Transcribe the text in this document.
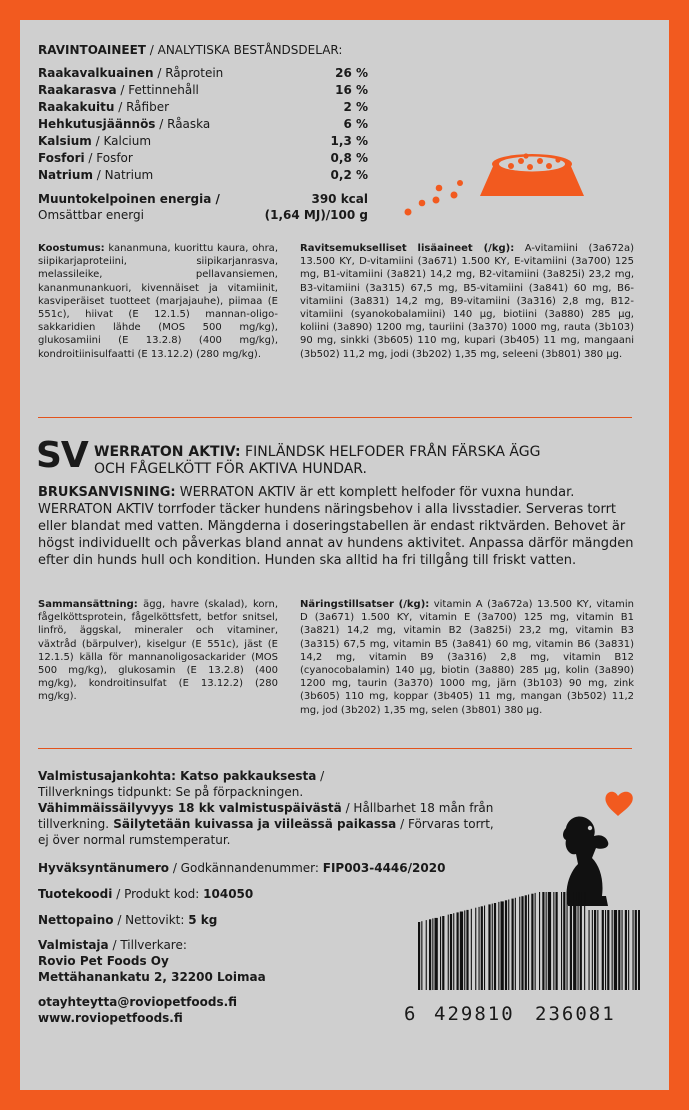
RAVINTOAINEET / ANALYTISKA BESTÅNDSDELAR:
Raakavalkuainen / Råprotein	26 %
Raakarasva / Fettinnehåll	16 %
Raakakuitu / Råfiber	2 %
Hehkutusjäännös / Råaska	6 %
Kalsium / Kalcium	1,3 %
Fosfori / Fosfor	0,8 %
Natrium / Natrium	0,2 %
Muuntokelpoinen energia /	390 kcal
Omsättbar energi	(1,64 MJ)/100 g
Koostumus: kananmuna, kuorittu kaura, ohra, siipikarjaproteiini, siipikarjanrasva, melassileike, pellavansiemen, kananmunankuori, kivennäiset ja vitamiinit, kasviperäiset tuotteet (marjajauhe), piimaa (E 551c), hiivat (E 12.1.5) mannan-oligo-sakkaridien lähde (MOS 500 mg/kg), glukosamiini (E 13.2.8) (400 mg/kg), kondroitiinisulfaatti (E 13.12.2) (280 mg/kg).
Ravitsemukselliset lisäaineet (/kg): A-vitamiini (3a672a) 13.500 KY, D-vitamiini (3a671) 1.500 KY, E-vitamiini (3a700) 125 mg, B1-vitamiini (3a821) 14,2 mg, B2-vitamiini (3a825i) 23,2 mg, B3-vitamiini (3a315) 67,5 mg, B5-vitamiini (3a841) 60 mg, B6-vitamiini (3a831) 14,2 mg, B9-vitamiini (3a316) 2,8 mg, B12-vitamiini (syanokobalamiini) 140 µg, biotiini (3a880) 285 µg, koliini (3a890) 1200 mg, tauriini (3a370) 1000 mg, rauta (3b103) 90 mg, sinkki (3b605) 110 mg, kupari (3b405) 11 mg, mangaani (3b502) 11,2 mg, jodi (3b202) 1,35 mg, seleeni (3b801) 380 µg.
SV WERRATON AKTIV: FINLÄNDSK HELFODER FRÅN FÄRSKA ÄGG
OCH FÅGELKÖTT FÖR AKTIVA HUNDAR.
BRUKSANVISNING: WERRATON AKTIV är ett komplett helfoder för vuxna hundar. WERRATON AKTIV torrfoder täcker hundens näringsbehov i alla livsstadier. Serveras torrt eller blandat med vatten. Mängderna i doseringstabellen är endast riktvärden. Behovet är högst individuellt och påverkas bland annat av hundens aktivitet. Anpassa därför mängden efter din hunds hull och kondition. Hunden ska alltid ha fri tillgång till friskt vatten.
Sammansättning: ägg, havre (skalad), korn, fågelköttsprotein, fågelköttsfett, betfor snitsel, linfrö, äggskal, mineraler och vitaminer, växtråd (bärpulver), kiselgur (E 551c), jäst (E 12.1.5) källa för mannanoligosackarider (MOS 500 mg/kg), glukosamin (E 13.2.8) (400 mg/kg), kondroitinsulfat (E 13.12.2) (280 mg/kg).
Näringstillsatser (/kg): vitamin A (3a672a) 13.500 KY, vitamin D (3a671) 1.500 KY, vitamin E (3a700) 125 mg, vitamin B1 (3a821) 14,2 mg, vitamin B2 (3a825i) 23,2 mg, vitamin B3 (3a315) 67,5 mg, vitamin B5 (3a841) 60 mg, vitamin B6 (3a831) 14,2 mg, vitamin B9 (3a316) 2,8 mg, vitamin B12 (cyanocobalamin) 140 µg, biotin (3a880) 285 µg, kolin (3a890) 1200 mg, taurin (3a370) 1000 mg, järn (3b103) 90 mg, zink (3b605) 110 mg, koppar (3b405) 11 mg, mangan (3b502) 11,2 mg, jod (3b202) 1,35 mg, selen (3b801) 380 µg.
Valmistusajankohta: Katso pakkauksesta /
Tillverknings tidpunkt: Se på förpackningen.
Vähimmäissäilyvyys 18 kk valmistuspäivästä / Hållbarhet 18 mån från tillverkning. Säilytetään kuivassa ja viileässä paikassa / Förvaras torrt, ej över normal rumstemperatur.
Hyväksyntänumero / Godkännandenummer: FIP003-4446/2020
Tuotekoodi / Produkt kod: 104050
Nettopaino / Nettovikt: 5 kg
Valmistaja / Tillverkare:
Rovio Pet Foods Oy
Mettähanankatu 2, 32200 Loimaa
otayhteytta@roviopetfoods.fi
www.roviopetfoods.fi	6 429810 236081
